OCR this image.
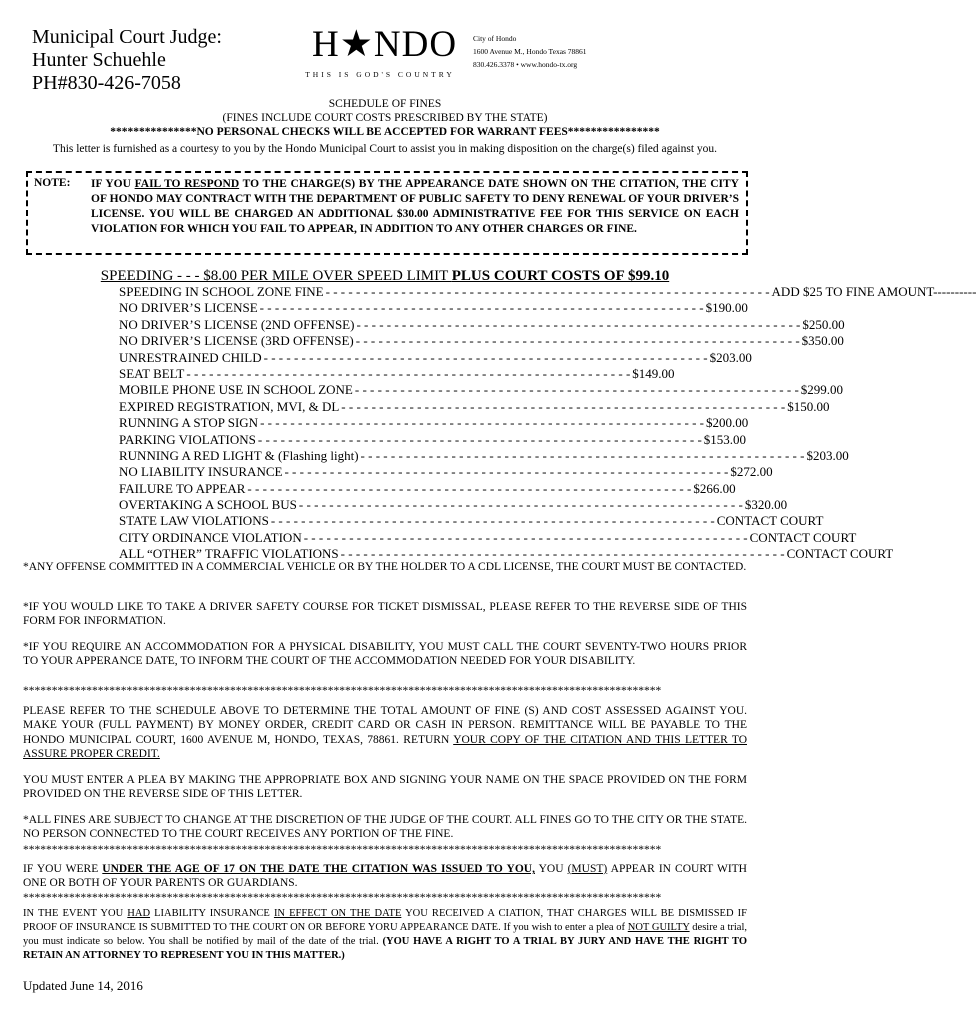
Municipal Court Judge:
Hunter Schuehle
PH#830-426-7058
H★NDO
THIS IS GOD'S COUNTRY
City of Hondo
1600 Avenue M., Hondo Texas 78861
830.426.3378 • www.hondo-tx.org
SCHEDULE OF FINES
(FINES INCLUDE COURT COSTS PRESCRIBED BY THE STATE)
***************NO PERSONAL CHECKS WILL BE ACCEPTED FOR WARRANT FEES****************
This letter is furnished as a courtesy to you by the Hondo Municipal Court to assist you in making disposition on the charge(s) filed against you.
NOTE: IF YOU FAIL TO RESPOND TO THE CHARGE(S) BY THE APPEARANCE DATE SHOWN ON THE CITATION, THE CITY OF HONDO MAY CONTRACT WITH THE DEPARTMENT OF PUBLIC SAFETY TO DENY RENEWAL OF YOUR DRIVER’S LICENSE. YOU WILL BE CHARGED AN ADDITIONAL $30.00 ADMINISTRATIVE FEE FOR THIS SERVICE ON EACH VIOLATION FOR WHICH YOU FAIL TO APPEAR, IN ADDITION TO ANY OTHER CHARGES OR FINE.
SPEEDING - - - $8.00 PER MILE OVER SPEED LIMIT PLUS COURT COSTS OF $99.10
SPEEDING IN SCHOOL ZONE FINE - - - - - - - - - - - - - - - - - - - - - - - - - - - - - - - - - - - - - - - - - - - - - - - - - - - - - - - - - - - ADD $25 TO FINE AMOUNT----------
NO DRIVER’S LICENSE - - - - - - - - - - - - - - - - - - - - - - - - - - - - - - - - - - - - - - - - - - - - - - - - - - - - - - - - - - - $190.00
NO DRIVER’S LICENSE (2ND OFFENSE) - - - - - - - - - - - - - - - - - - - - - - - - - - - - - - - - - - - - - - - - - - - - - - - - - - - - - - - - - - - $250.00
NO DRIVER’S LICENSE (3RD OFFENSE) - - - - - - - - - - - - - - - - - - - - - - - - - - - - - - - - - - - - - - - - - - - - - - - - - - - - - - - - - - - $350.00
UNRESTRAINED CHILD - - - - - - - - - - - - - - - - - - - - - - - - - - - - - - - - - - - - - - - - - - - - - - - - - - - - - - - - - - - $203.00
SEAT BELT - - - - - - - - - - - - - - - - - - - - - - - - - - - - - - - - - - - - - - - - - - - - - - - - - - - - - - - - - - - $149.00
MOBILE PHONE USE IN SCHOOL ZONE - - - - - - - - - - - - - - - - - - - - - - - - - - - - - - - - - - - - - - - - - - - - - - - - - - - - - - - - - - - $299.00
EXPIRED REGISTRATION, MVI, & DL - - - - - - - - - - - - - - - - - - - - - - - - - - - - - - - - - - - - - - - - - - - - - - - - - - - - - - - - - - - $150.00
RUNNING A STOP SIGN - - - - - - - - - - - - - - - - - - - - - - - - - - - - - - - - - - - - - - - - - - - - - - - - - - - - - - - - - - - $200.00
PARKING VIOLATIONS - - - - - - - - - - - - - - - - - - - - - - - - - - - - - - - - - - - - - - - - - - - - - - - - - - - - - - - - - - - $153.00
RUNNING A RED LIGHT & (Flashing light) - - - - - - - - - - - - - - - - - - - - - - - - - - - - - - - - - - - - - - - - - - - - - - - - - - - - - - - - - - - $203.00
NO LIABILITY INSURANCE - - - - - - - - - - - - - - - - - - - - - - - - - - - - - - - - - - - - - - - - - - - - - - - - - - - - - - - - - - - $272.00
FAILURE TO APPEAR - - - - - - - - - - - - - - - - - - - - - - - - - - - - - - - - - - - - - - - - - - - - - - - - - - - - - - - - - - - $266.00
OVERTAKING A SCHOOL BUS - - - - - - - - - - - - - - - - - - - - - - - - - - - - - - - - - - - - - - - - - - - - - - - - - - - - - - - - - - - $320.00
STATE LAW VIOLATIONS - - - - - - - - - - - - - - - - - - - - - - - - - - - - - - - - - - - - - - - - - - - - - - - - - - - - - - - - - - - CONTACT COURT
CITY ORDINANCE VIOLATION - - - - - - - - - - - - - - - - - - - - - - - - - - - - - - - - - - - - - - - - - - - - - - - - - - - - - - - - - - - CONTACT COURT
ALL “OTHER” TRAFFIC VIOLATIONS - - - - - - - - - - - - - - - - - - - - - - - - - - - - - - - - - - - - - - - - - - - - - - - - - - - - - - - - - - - CONTACT COURT
*ANY OFFENSE COMMITTED IN A COMMERCIAL VEHICLE OR BY THE HOLDER TO A CDL LICENSE, THE COURT MUST BE CONTACTED.
*IF YOU WOULD LIKE TO TAKE A DRIVER SAFETY COURSE FOR TICKET DISMISSAL, PLEASE REFER TO THE REVERSE SIDE OF THIS FORM FOR INFORMATION.
*IF YOU REQUIRE AN ACCOMMODATION FOR A PHYSICAL DISABILITY, YOU MUST CALL THE COURT SEVENTY-TWO HOURS PRIOR TO YOUR APPERANCE DATE, TO INFORM THE COURT OF THE ACCOMMODATION NEEDED FOR YOUR DISABILITY.
***************************************************************************************************************
PLEASE REFER TO THE SCHEDULE ABOVE TO DETERMINE THE TOTAL AMOUNT OF FINE (S) AND COST ASSESSED AGAINST YOU. MAKE YOUR (FULL PAYMENT) BY MONEY ORDER, CREDIT CARD OR CASH IN PERSON. REMITTANCE WILL BE PAYABLE TO THE HONDO MUNICIPAL COURT, 1600 AVENUE M, HONDO, TEXAS, 78861. RETURN YOUR COPY OF THE CITATION AND THIS LETTER TO ASSURE PROPER CREDIT.
YOU MUST ENTER A PLEA BY MAKING THE APPROPRIATE BOX AND SIGNING YOUR NAME ON THE SPACE PROVIDED ON THE FORM PROVIDED ON THE REVERSE SIDE OF THIS LETTER.
*ALL FINES ARE SUBJECT TO CHANGE AT THE DISCRETION OF THE JUDGE OF THE COURT. ALL FINES GO TO THE CITY OR THE STATE. NO PERSON CONNECTED TO THE COURT RECEIVES ANY PORTION OF THE FINE.
***************************************************************************************************************
IF YOU WERE UNDER THE AGE OF 17 ON THE DATE THE CITATION WAS ISSUED TO YOU, YOU (MUST) APPEAR IN COURT WITH ONE OR BOTH OF YOUR PARENTS OR GUARDIANS.
***************************************************************************************************************
IN THE EVENT YOU HAD LIABILITY INSURANCE IN EFFECT ON THE DATE YOU RECEIVED A CIATION, THAT CHARGES WILL BE DISMISSED IF PROOF OF INSURANCE IS SUBMITTED TO THE COURT ON OR BEFORE YORU APPEARANCE DATE. If you wish to enter a plea of NOT GUILTY desire a trial, you must indicate so below. You shall be notified by mail of the date of the trial. (YOU HAVE A RIGHT TO A TRIAL BY JURY AND HAVE THE RIGHT TO RETAIN AN ATTORNEY TO REPRESENT YOU IN THIS MATTER.)
Updated June 14, 2016
